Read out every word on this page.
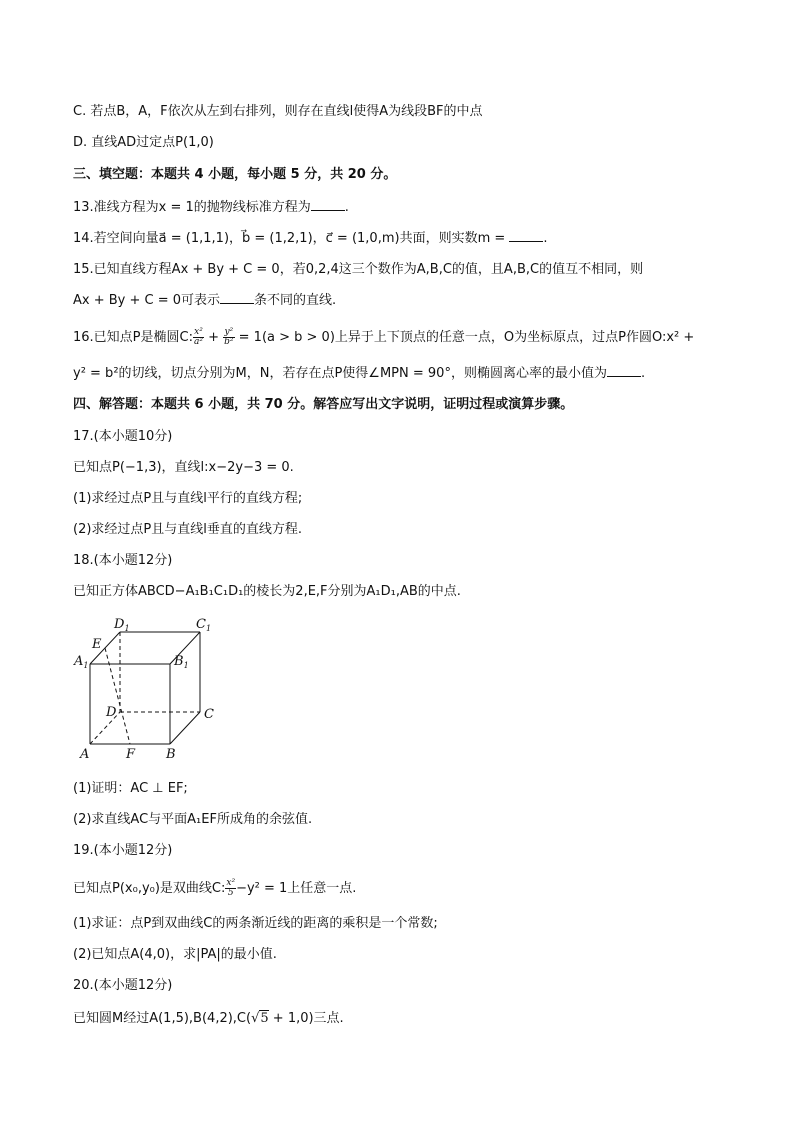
C. 若点B，A，F依次从左到右排列，则存在直线l使得A为线段BF的中点
D. 直线AD过定点P(1,0)
三、填空题：本题共 4 小题，每小题 5 分，共 20 分。
13.准线方程为x = 1的抛物线标准方程为	.
14.若空间向量a⃗ = (1,1,1)，b⃗ = (1,2,1)，c⃗ = (1,0,m)共面，则实数m =	.
15.已知直线方程Ax + By + C = 0，若0,2,4这三个数作为A,B,C的值，且A,B,C的值互不相同，则
Ax + By + C = 0可表示	条不同的直线.
16.已知点P是椭圆C: $\frac{\text{x²}}{\text{a²}} + \frac{\text{y²}}{\text{b²}} = 1(a > b > 0)$上异于上下顶点的任意一点，O为坐标原点，过点P作圆O:x² +
y² = b²的切线，切点分别为M，N，若存在点P使得∠MPN = 90°，则椭圆离心率的最小值为	.
四、解答题：本题共 6 小题，共 70 分。解答应写出文字说明，证明过程或演算步骤。
17.(本小题10分)
已知点P(−1,3)，直线l:x−2y−3 = 0.
(1)求经过点P且与直线l平行的直线方程;
(2)求经过点P且与直线l垂直的直线方程.
18.(本小题12分)
已知正方体ABCD−A₁B₁C₁D₁的棱长为2,E,F分别为A₁D₁,AB的中点.
$A_1$	$B_1$
$D_1$	$C_1$
E
D	C
A	F B
(1)证明：AC ⊥ EF;
(2)求直线AC与平面A₁EF所成角的余弦值.
19.(本小题12分)
已知点P(x₀,y₀)是双曲线C: $\frac{\text{x²}}{5} -y^2 = 1$上任意一点.
(1)求证：点P到双曲线C的两条渐近线的距离的乘积是一个常数;
(2)已知点A(4,0)，求|PA|的最小值.
20.(本小题12分)
已知圆M经过A(1,5),B(4,2),C(√5 + 1,0)三点.
